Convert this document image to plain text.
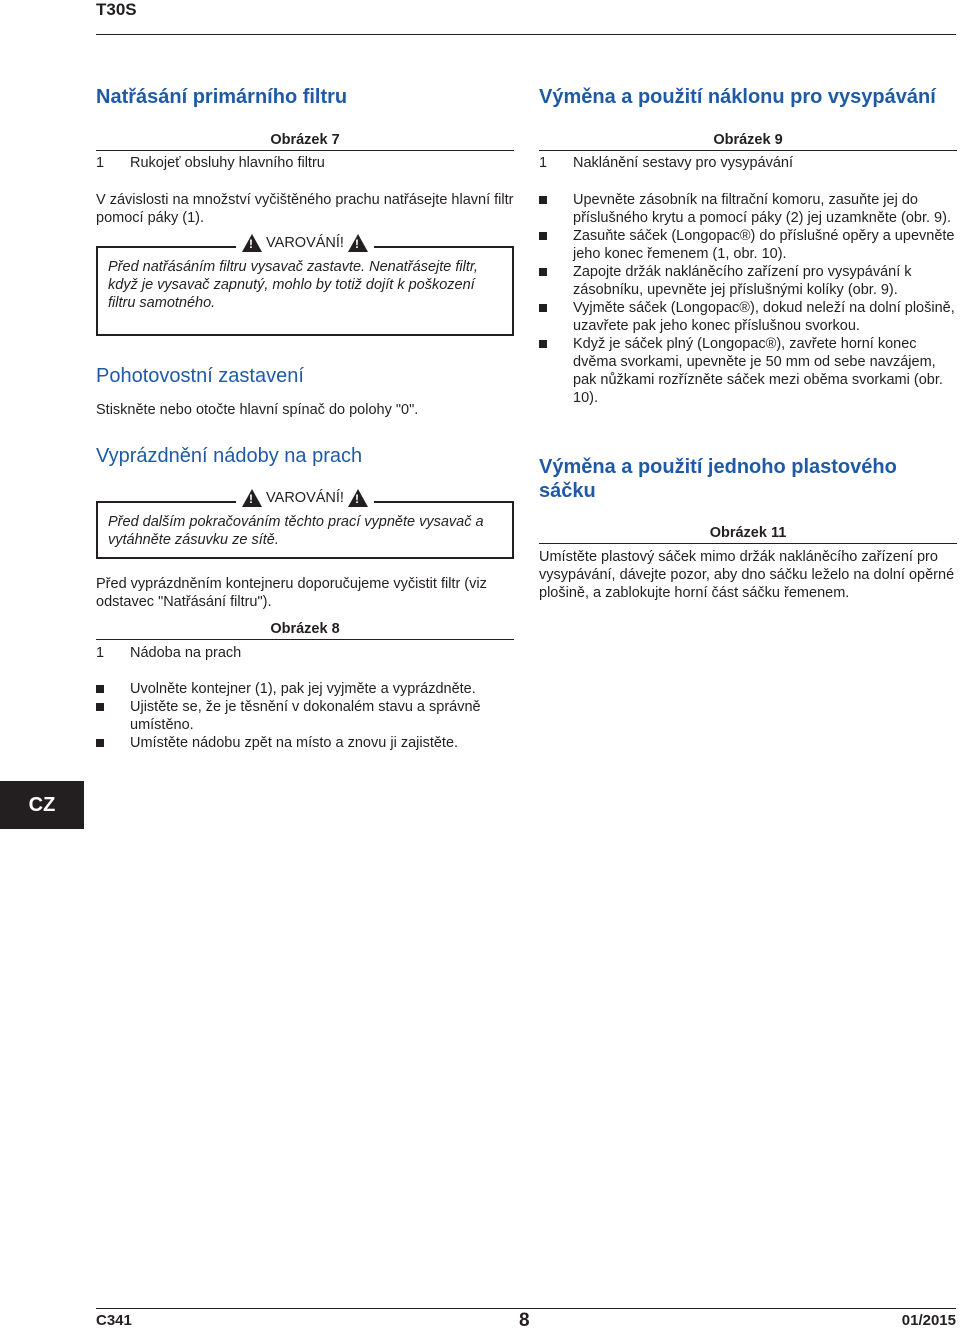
T30S
Natřásání primárního filtru
Obrázek 7
1	Rukojeť obsluhy hlavního filtru

V závislosti na množství vyčištěného prachu natřásejte hlavní filtr pomocí páky (1).

!
VAROVÁNÍ!
!

Před natřásáním filtru vysavač zastavte. Nenatřásejte filtr, když je vysavač zapnutý, mohlo by totiž dojít k poškození filtru samotného.

Pohotovostní zastavení

Stiskněte nebo otočte hlavní spínač do polohy "0".

Vyprázdnění nádoby na prach
!
VAROVÁNÍ!
!

Před dalším pokračováním těchto prací vypněte vysavač a vytáhněte zásuvku ze sítě.

Před vyprázdněním kontejneru doporučujeme vyčistit filtr (viz odstavec "Natřásání filtru").

Obrázek 8
1	Nádoba na prach
Uvolněte kontejner (1), pak jej vyjměte a vyprázdněte.
Ujistěte se, že je těsnění v dokonalém stavu a správně umístěno.
Umístěte nádobu zpět na místo a znovu ji zajistěte.
Výměna a použití náklonu pro vysypávání
Obrázek 9
1	Naklánění sestavy pro vysypávání
Upevněte zásobník na filtrační komoru, zasuňte jej do příslušného krytu a pomocí páky (2) jej uzamkněte (obr. 9).
Zasuňte sáček (Longopac®) do příslušné opěry a upevněte jeho konec řemenem (1, obr. 10).
Zapojte držák nakláněcího zařízení pro vysypávání k zásobníku, upevněte jej příslušnými kolíky (obr. 9).
Vyjměte sáček (Longopac®), dokud neleží na dolní plošině, uzavřete pak jeho konec příslušnou svorkou.
Když je sáček plný (Longopac®), zavřete horní konec dvěma svorkami, upevněte je 50 mm od sebe navzájem, pak nůžkami rozřízněte sáček mezi oběma svorkami (obr. 10).
Výměna a použití jednoho plastového sáčku
Obrázek 11

Umístěte plastový sáček mimo držák nakláněcího zařízení pro vysypávání, dávejte pozor, aby dno sáčku leželo na dolní opěrné plošině, a zablokujte horní část sáčku řemenem.

CZ
C341	8	01/2015
